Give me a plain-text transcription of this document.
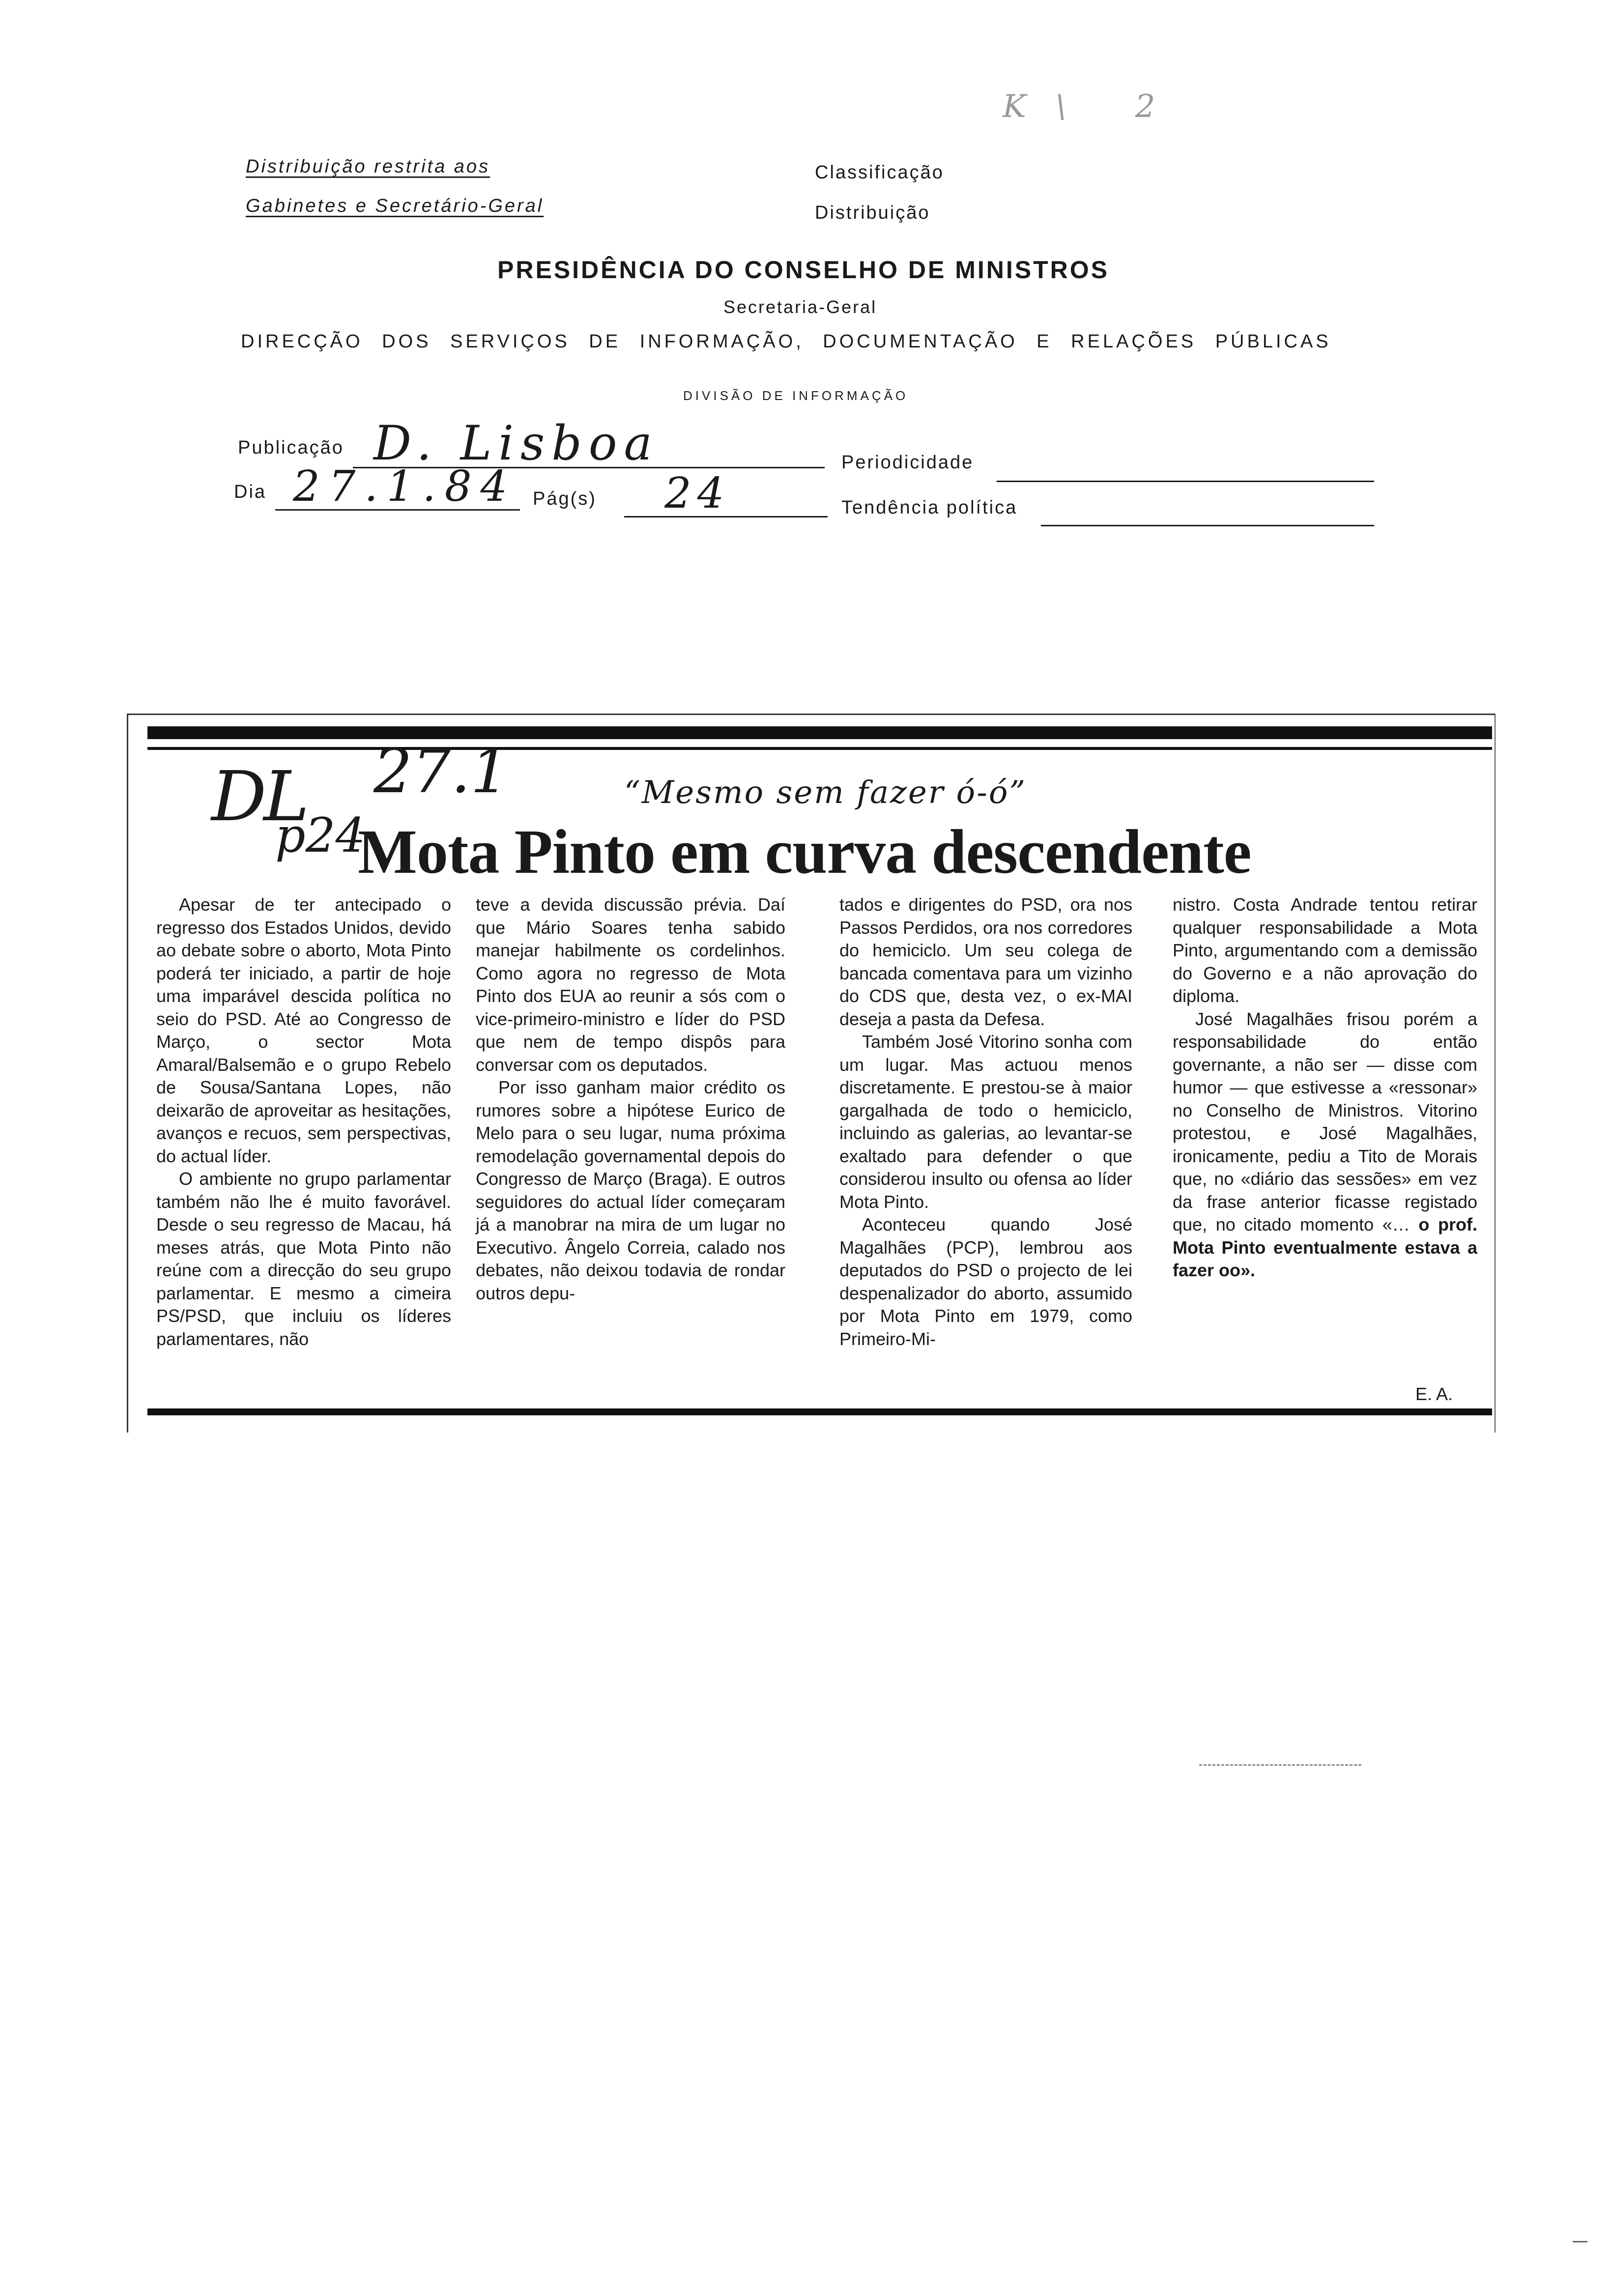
K\ 2
Distribuição restrita aos
Gabinetes e Secretário-Geral
Classificação
Distribuição
PRESIDÊNCIA DO CONSELHO DE MINISTROS
Secretaria-Geral
DIRECÇÃO DOS SERVIÇOS DE INFORMAÇÃO, DOCUMENTAÇÃO E RELAÇÕES PÚBLICAS
DIVISÃO DE INFORMAÇÃO
Publicação D. Lisboa	Periodicidade
Dia 27.1.84 Pág(s) 24	Tendência política
DL 27.1
p24
“Mesmo sem fazer ó-ó”
Mota Pinto em curva descendente

Apesar de ter antecipado o regresso dos Estados Unidos, devido ao debate sobre o aborto, Mota Pinto poderá ter iniciado, a partir de hoje uma imparável descida política no seio do PSD. Até ao Congresso de Março, o sector Mota Amaral/Balsemão e o grupo Rebelo de Sousa/Santana Lopes, não deixarão de aproveitar as hesitações, avanços e recuos, sem perspectivas, do actual líder.

O ambiente no grupo parlamentar também não lhe é muito favorável. Desde o seu regresso de Macau, há meses atrás, que Mota Pinto não reúne com a direcção do seu grupo parlamentar. E mesmo a cimeira PS/PSD, que incluiu os líderes parlamentares, não

teve a devida discussão prévia. Daí que Mário Soares tenha sabido manejar habilmente os cordelinhos. Como agora no regresso de Mota Pinto dos EUA ao reunir a sós com o vice-primeiro-ministro e líder do PSD que nem de tempo dispôs para conversar com os deputados.

Por isso ganham maior crédito os rumores sobre a hipótese Eurico de Melo para o seu lugar, numa próxima remodelação governamental depois do Congresso de Março (Braga). E outros seguidores do actual líder começaram já a manobrar na mira de um lugar no Executivo. Ângelo Correia, calado nos debates, não deixou todavia de rondar outros depu-

tados e dirigentes do PSD, ora nos Passos Perdidos, ora nos corredores do hemiciclo. Um seu colega de bancada comentava para um vizinho do CDS que, desta vez, o ex-MAI deseja a pasta da Defesa.

Também José Vitorino sonha com um lugar. Mas actuou menos discretamente. E prestou-se à maior gargalhada de todo o hemiciclo, incluindo as galerias, ao levantar-se exaltado para defender o que considerou insulto ou ofensa ao líder Mota Pinto.

Aconteceu quando José Magalhães (PCP), lembrou aos deputados do PSD o projecto de lei despenalizador do aborto, assumido por Mota Pinto em 1979, como Primeiro-Mi-

nistro. Costa Andrade tentou retirar qualquer responsabilidade a Mota Pinto, argumentando com a demissão do Governo e a não aprovação do diploma.

José Magalhães frisou porém a responsabilidade do então governante, a não ser — disse com humor — que estivesse a «ressonar» no Conselho de Ministros. Vitorino protestou, e José Magalhães, ironicamente, pediu a Tito de Morais que, no «diário das sessões» em vez da frase anterior ficasse registado que, no citado momento «… o prof. Mota Pinto eventualmente estava a fazer oo».

E. A.
